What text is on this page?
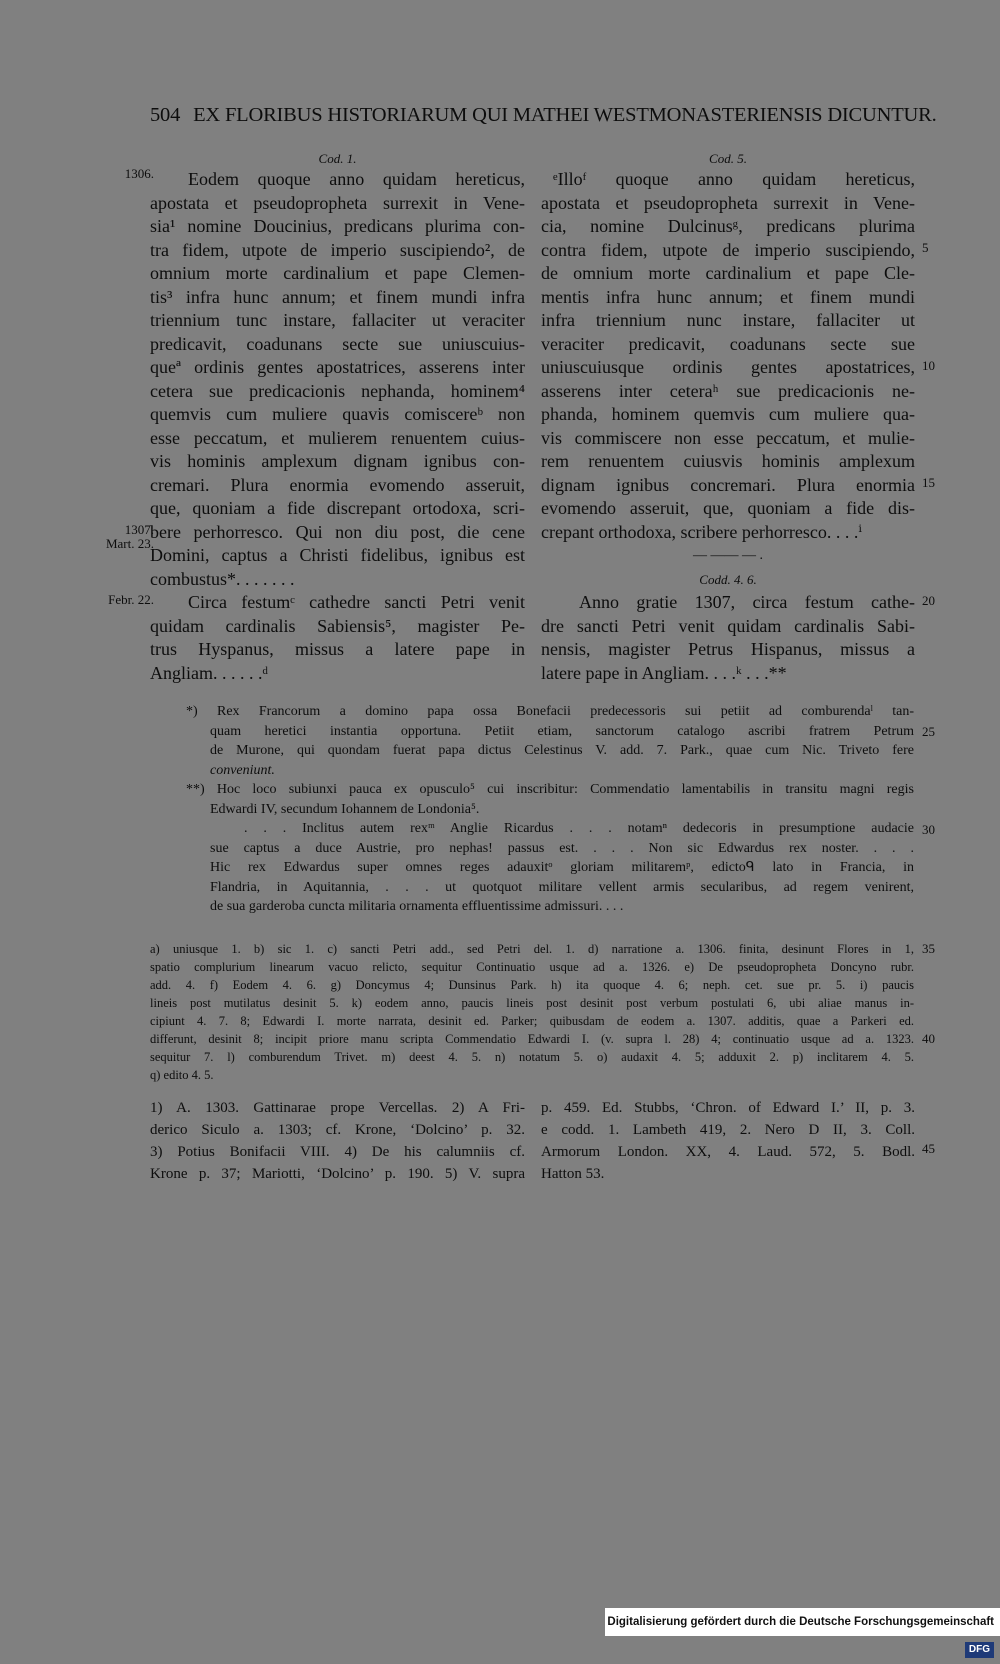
504 EX FLORIBUS HISTORIARUM QUI MATHEI WESTMONASTERIENSIS DICUNTUR.
1306.
1307.
Mart. 23.
Febr. 22.
5
10
15
20
25
30
35
40
45
Cod. 1.
Eodem quoque anno quidam hereticus,
apostata et pseudopropheta surrexit in Vene-
sia¹ nomine Doucinius, predicans plurima con-
tra fidem, utpote de imperio suscipiendo², de
omnium morte cardinalium et pape Clemen-
tis³ infra hunc annum; et finem mundi infra
triennium tunc instare, fallaciter ut veraciter
predicavit, coadunans secte sue uniuscuius-
queª ordinis gentes apostatrices, asserens inter
cetera sue predicacionis nephanda, hominem⁴
quemvis cum muliere quavis comiscereᵇ non
esse peccatum, et mulierem renuentem cuius-
vis hominis amplexum dignam ignibus con-
cremari. Plura enormia evomendo asseruit,
que, quoniam a fide discrepant ortodoxa, scri-
bere perhorresco. Qui non diu post, die cene
Domini, captus a Christi fidelibus, ignibus est
combustus*. . . . . . .
Circa festumᶜ cathedre sancti Petri venit
quidam cardinalis Sabiensis⁵, magister Pe-
trus Hyspanus, missus a latere pape in
Angliam. . . . . .ᵈ
Cod. 5.
ᵉIlloᶠ quoque anno quidam hereticus,
apostata et pseudopropheta surrexit in Vene-
cia, nomine Dulcinusᵍ, predicans plurima
contra fidem, utpote de imperio suscipiendo,
de omnium morte cardinalium et pape Cle-
mentis infra hunc annum; et finem mundi
infra triennium nunc instare, fallaciter ut
veraciter predicavit, coadunans secte sue
uniuscuiusque ordinis gentes apostatrices,
asserens inter ceteraʰ sue predicacionis ne-
phanda, hominem quemvis cum muliere qua-
vis commiscere non esse peccatum, et mulie-
rem renuentem cuiusvis hominis amplexum
dignam ignibus concremari. Plura enormia
evomendo asseruit, que, quoniam a fide dis-
crepant orthodoxa, scribere perhorresco. . . .ⁱ
— —— — .
Codd. 4. 6.
Anno gratie 1307, circa festum cathe-
dre sancti Petri venit quidam cardinalis Sabi-
nensis, magister Petrus Hispanus, missus a
latere pape in Angliam. . . .ᵏ . . .**
*) Rex Francorum a domino papa ossa Bonefacii predecessoris sui petiit ad comburendaˡ tan-
quam heretici instantia opportuna. Petiit etiam, sanctorum catalogo ascribi fratrem Petrum
de Murone, qui quondam fuerat papa dictus Celestinus V. add. 7. Park., quae cum Nic. Triveto fere
conveniunt.
**) Hoc loco subiunxi pauca ex opusculo⁵ cui inscribitur: Commendatio lamentabilis in transitu magni regis
Edwardi IV, secundum Iohannem de Londonia⁵.
. . . Inclitus autem rexᵐ Anglie Ricardus . . . notamⁿ dedecoris in presumptione audacie
sue captus a duce Austrie, pro nephas! passus est. . . . Non sic Edwardus rex noster. . . .
Hic rex Edwardus super omnes reges adauxitᵒ gloriam militaremᵖ, edictoᑫ lato in Francia, in
Flandria, in Aquitannia, . . . ut quotquot militare vellent armis secularibus, ad regem venirent,
de sua garderoba cuncta militaria ornamenta effluentissime admissuri. . . .
a) uniusque 1. b) sic 1. c) sancti Petri add., sed Petri del. 1. d) narratione a. 1306. finita, desinunt Flores in 1,
spatio complurium linearum vacuo relicto, sequitur Continuatio usque ad a. 1326. e) De pseudopropheta Doncyno rubr.
add. 4. f) Eodem 4. 6. g) Doncymus 4; Dunsinus Park. h) ita quoque 4. 6; neph. cet. sue pr. 5. i) paucis
lineis post mutilatus desinit 5. k) eodem anno, paucis lineis post desinit post verbum postulati 6, ubi aliae manus in-
cipiunt 4. 7. 8; Edwardi I. morte narrata, desinit ed. Parker; quibusdam de eodem a. 1307. additis, quae a Parkeri ed.
differunt, desinit 8; incipit priore manu scripta Commendatio Edwardi I. (v. supra l. 28) 4; continuatio usque ad a. 1323.
sequitur 7. l) comburendum Trivet. m) deest 4. 5. n) notatum 5. o) audaxit 4. 5; adduxit 2. p) inclitarem 4. 5.
q) edito 4. 5.
1) A. 1303. Gattinarae prope Vercellas. 2) A Fri-
derico Siculo a. 1303; cf. Krone, ‘Dolcino’ p. 32.
3) Potius Bonifacii VIII. 4) De his calumniis cf.
Krone p. 37; Mariotti, ‘Dolcino’ p. 190. 5) V. supra
p. 459. Ed. Stubbs, ‘Chron. of Edward I.’ II, p. 3.
e codd. 1. Lambeth 419, 2. Nero D II, 3. Coll.
Armorum London. XX, 4. Laud. 572, 5. Bodl.
Hatton 53.
Digitalisierung gefördert durch die Deutsche Forschungsgemeinschaft DFG
